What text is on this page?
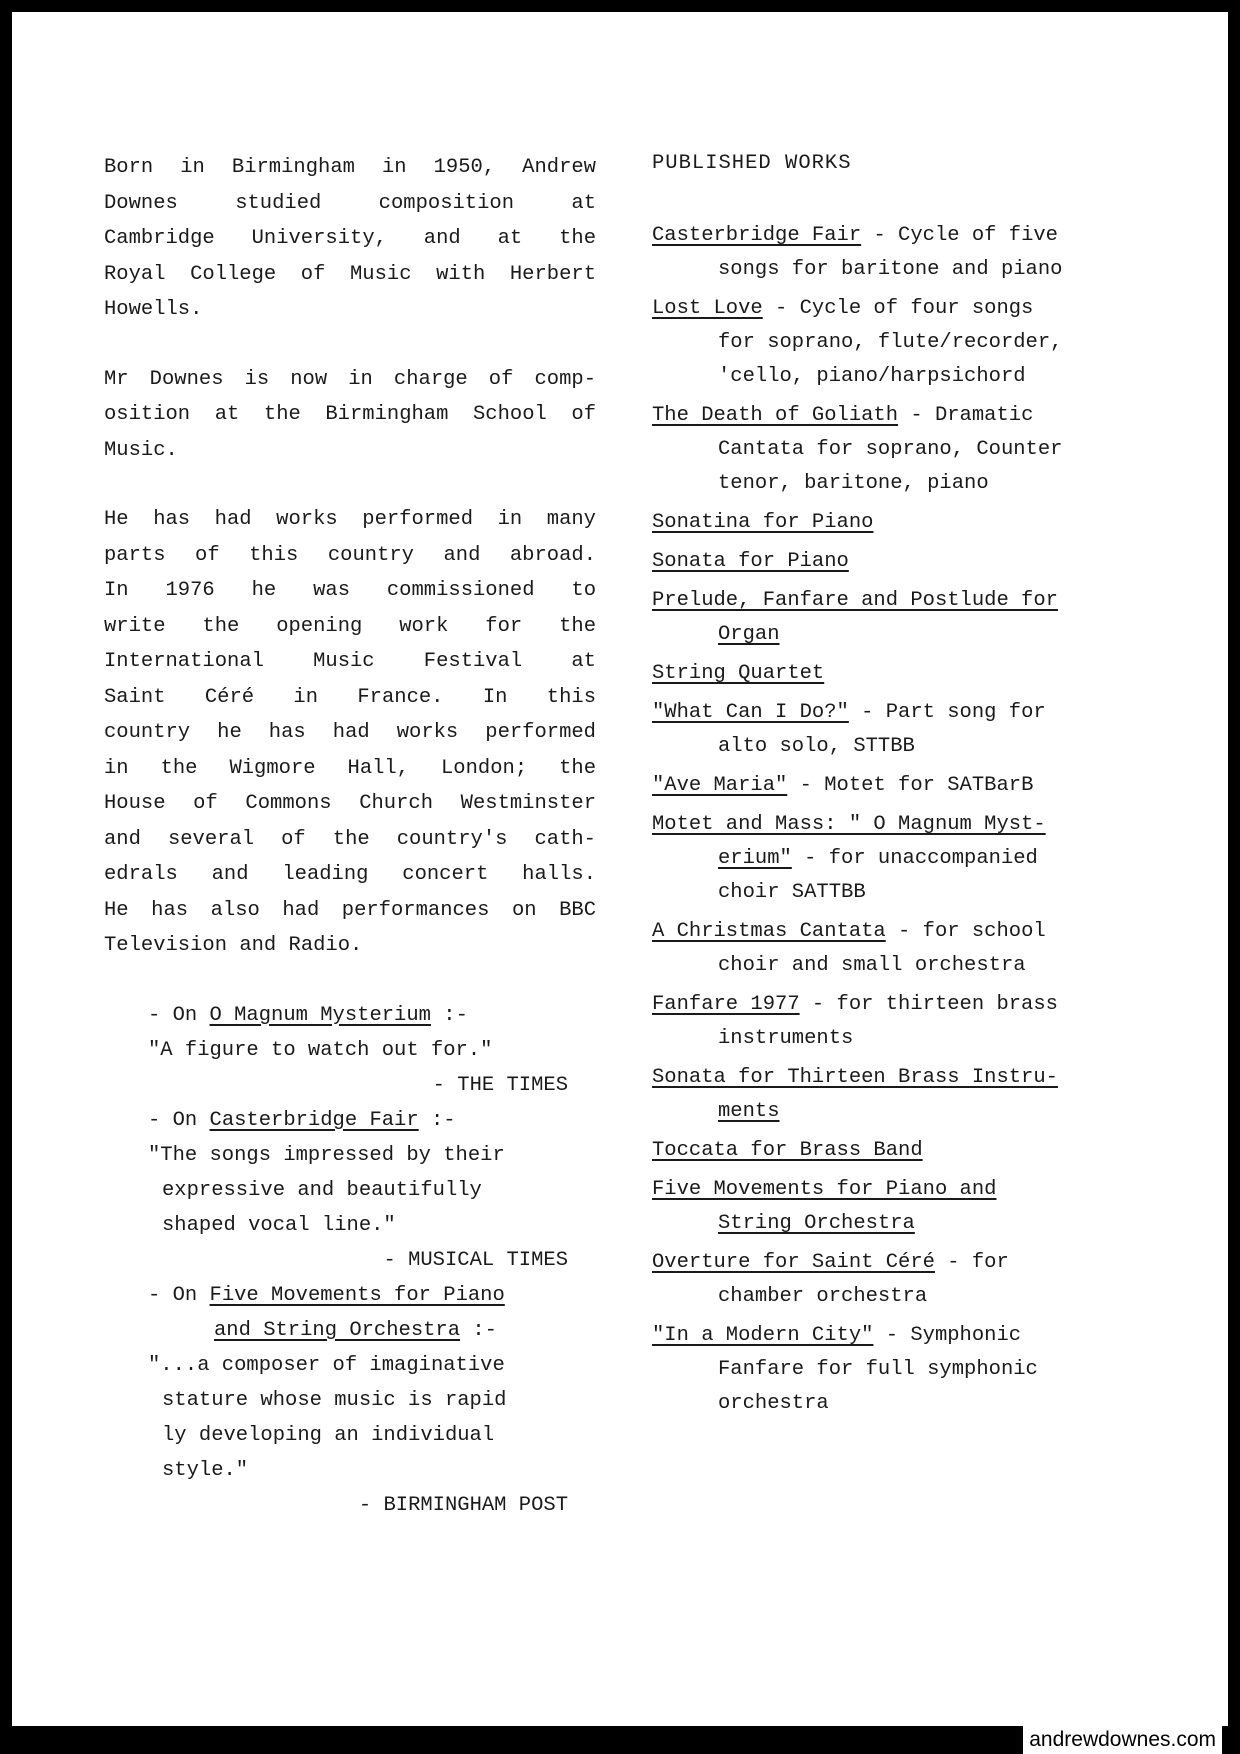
Born in Birmingham in 1950, Andrew
Downes studied composition at
Cambridge University, and at the
Royal College of Music with Herbert
Howells.
Mr Downes is now in charge of comp-
osition at the Birmingham School of
Music.
He has had works performed in many
parts of this country and abroad.
In 1976 he was commissioned to
write the opening work for the
International Music Festival at
Saint Céré in France. In this
country he has had works performed
in the Wigmore Hall, London; the
House of Commons Church Westminster
and several of the country's cath-
edrals and leading concert halls.
He has also had performances on BBC
Television and Radio.
- On O Magnum Mysterium :-
"A figure to watch out for."
- THE TIMES
- On Casterbridge Fair :-
"The songs impressed by their
expressive and beautifully
shaped vocal line."
- MUSICAL TIMES
- On Five Movements for Piano
and String Orchestra :-
"...a composer of imaginative
stature whose music is rapid
ly developing an individual
style."
- BIRMINGHAM POST
PUBLISHED WORKS
Casterbridge Fair - Cycle of five
songs for baritone and piano
Lost Love - Cycle of four songs
for soprano, flute/recorder,
'cello, piano/harpsichord
The Death of Goliath - Dramatic
Cantata for soprano, Counter
tenor, baritone, piano
Sonatina for Piano
Sonata for Piano
Prelude, Fanfare and Postlude for
Organ
String Quartet
"What Can I Do?" - Part song for
alto solo, STTBB
"Ave Maria" - Motet for SATBarB
Motet and Mass: " O Magnum Myst-
erium" - for unaccompanied
choir SATTBB
A Christmas Cantata - for school
choir and small orchestra
Fanfare 1977 - for thirteen brass
instruments
Sonata for Thirteen Brass Instru-
ments
Toccata for Brass Band
Five Movements for Piano and
String Orchestra
Overture for Saint Céré - for
chamber orchestra
"In a Modern City" - Symphonic
Fanfare for full symphonic
orchestra
andrewdownes.com
